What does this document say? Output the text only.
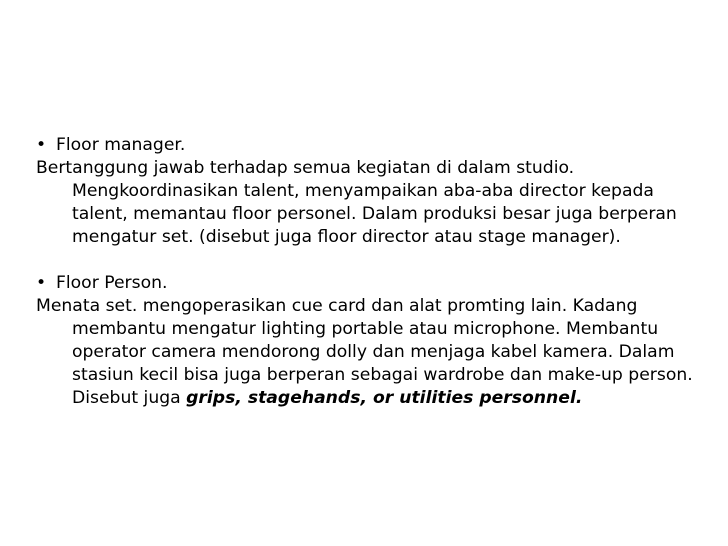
• Floor manager.

Bertanggung jawab terhadap semua kegiatan di dalam studio. Mengkoordinasikan talent, menyampaikan aba-aba director kepada talent, memantau floor personel. Dalam produksi besar juga berperan mengatur set. (disebut juga floor director atau stage manager).

• Floor Person.

Menata set. mengoperasikan cue card dan alat promting lain. Kadang membantu mengatur lighting portable atau microphone. Membantu operator camera mendorong dolly dan menjaga kabel kamera. Dalam stasiun kecil bisa juga berperan sebagai wardrobe dan make-up person. Disebut juga grips, stagehands, or utilities personnel.
